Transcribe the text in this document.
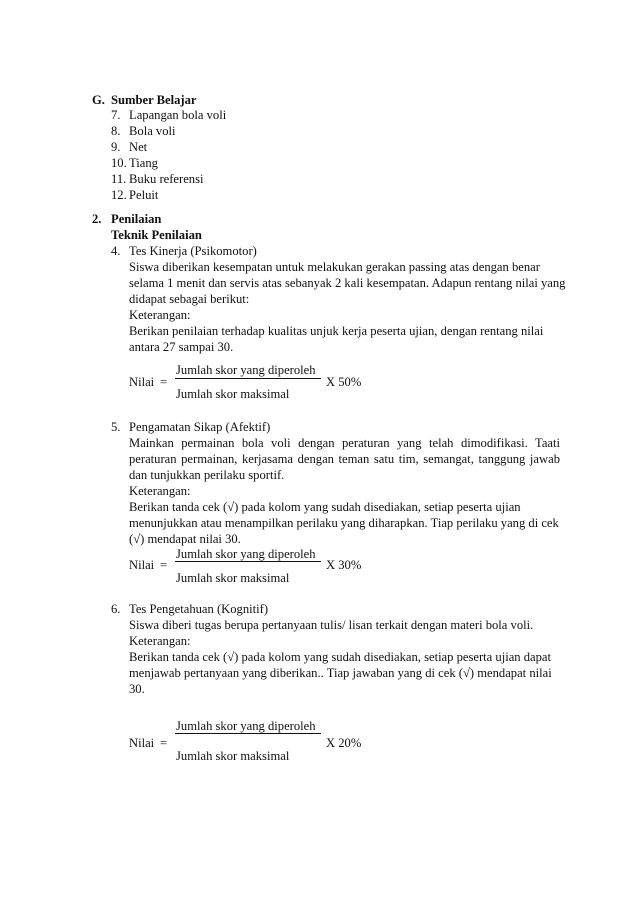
G. Sumber Belajar
7. Lapangan bola voli
8. Bola voli
9. Net
10. Tiang
11. Buku referensi
12. Peluit
2. Penilaian
Teknik Penilaian
4. Tes Kinerja (Psikomotor)
Siswa diberikan kesempatan untuk melakukan gerakan passing atas dengan benar
selama 1 menit dan servis atas sebanyak 2 kali kesempatan. Adapun rentang nilai yang
didapat sebagai berikut:
Keterangan:
Berikan penilaian terhadap kualitas unjuk kerja peserta ujian, dengan rentang nilai
antara 27 sampai 30.
Jumlah skor yang diperoleh
Nilai =	X 50%
Jumlah skor maksimal
5. Pengamatan Sikap (Afektif)
Mainkan permainan bola voli dengan peraturan yang telah dimodifikasi. Taati
peraturan permainan, kerjasama dengan teman satu tim, semangat, tanggung jawab
dan tunjukkan perilaku sportif.
Keterangan:
Berikan tanda cek (√) pada kolom yang sudah disediakan, setiap peserta ujian
menunjukkan atau menampilkan perilaku yang diharapkan. Tiap perilaku yang di cek
(√) mendapat nilai 30.
Jumlah skor yang diperoleh
Nilai =	X 30%
Jumlah skor maksimal
6. Tes Pengetahuan (Kognitif)
Siswa diberi tugas berupa pertanyaan tulis/ lisan terkait dengan materi bola voli.
Keterangan:
Berikan tanda cek (√) pada kolom yang sudah disediakan, setiap peserta ujian dapat
menjawab pertanyaan yang diberikan.. Tiap jawaban yang di cek (√) mendapat nilai
30.
Jumlah skor yang diperoleh
Nilai =	X 20%
Jumlah skor maksimal
